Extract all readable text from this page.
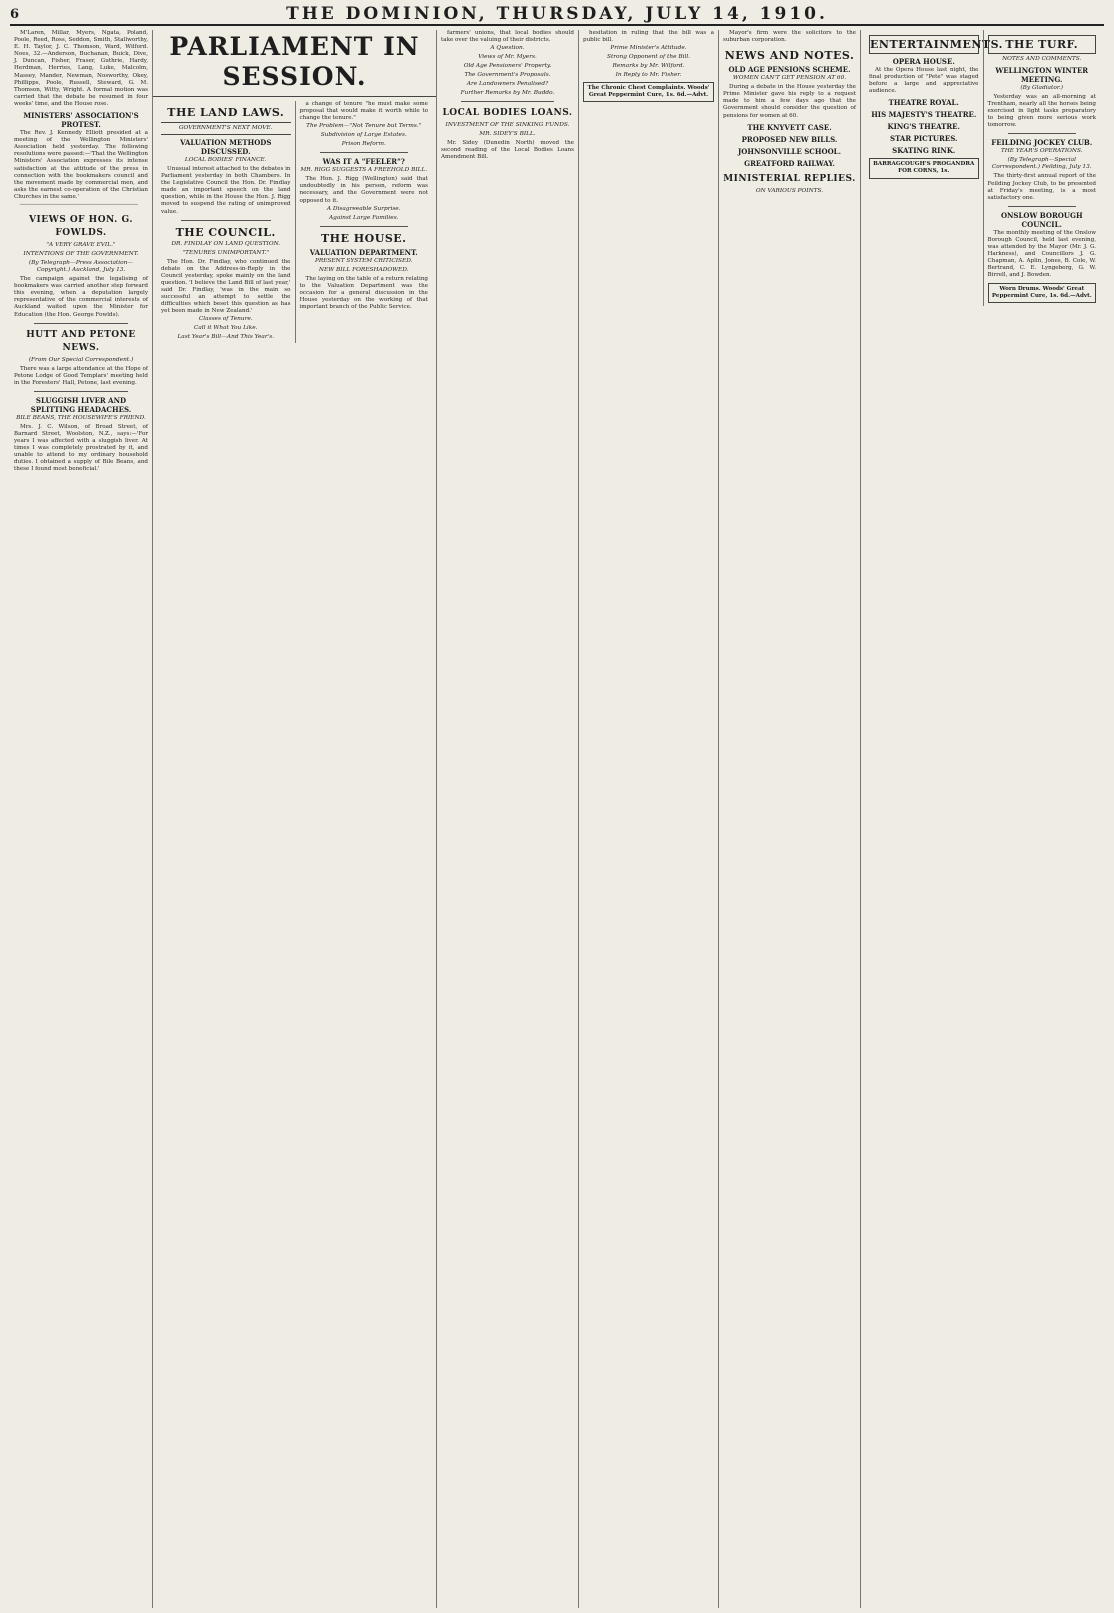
6	THE DOMINION, THURSDAY, JULY 14, 1910.

M'Laren, Millar, Myers, Ngata, Poland, Poole, Reed, Ross, Seddon, Smith, Stallworthy, E. H. Taylor, J. C. Thomson, Ward, Wilford. Noes, 32.—Anderson, Buchanan, Buick, Dive, J. Duncan, Fisher, Fraser, Guthrie, Hardy, Herdman, Herries, Lang, Luke, Malcolm, Massey, Mander, Newman, Nosworthy, Okey, Phillipps, Poole, Russell, Steward, G. M. Thomson, Witty, Wright. A formal motion was carried that the debate be resumed in four weeks' time, and the House rose.

MINISTERS' ASSOCIATION'S PROTEST.

The Rev. J. Kennedy Elliott presided at a meeting of the Wellington Ministers' Association held yesterday. The following resolutions were passed:—'That the Wellington Ministers' Association expresses its intense satisfaction at the attitude of the press in connection with the bookmakers council and the movement made by commercial men, and asks the earnest co-operation of the Christian Churches in the same.'

───────────────────────────────────

VIEWS OF HON. G. FOWLDS.
"A VERY GRAVE EVIL."
INTENTIONS OF THE GOVERNMENT.
(By Telegraph—Press Association—Copyright.) Auckland, July 13.

The campaign against the legalising of bookmakers was carried another step forward this evening, when a deputation largely representative of the commercial interests of Auckland waited upon the Minister for Education (the Hon. George Fowlds).

HUTT AND PETONE NEWS.
(From Our Special Correspondent.)

There was a large attendance at the Hope of Petone Lodge of Good Templars' meeting held in the Foresters' Hall, Petone, last evening.

SLUGGISH LIVER AND SPLITTING HEADACHES.
BILE BEANS, THE HOUSEWIFE'S FRIEND.

Mrs. J. C. Wilson, of Broad Street, of Barnard Street, Woolston, N.Z., says:—'For years I was affected with a sluggish liver. At times I was completely prostrated by it, and unable to attend to my ordinary household duties. I obtained a supply of Bile Beans, and these I found most beneficial.'

PARLIAMENT IN SESSION.
THE LAND LAWS.
GOVERNMENT'S NEXT MOVE.
VALUATION METHODS DISCUSSED.
LOCAL BODIES' FINANCE.

Unusual interest attached to the debates in Parliament yesterday in both Chambers. In the Legislative Council the Hon. Dr. Findlay made an important speech on the land question, while in the House the Hon. J. Rigg moved to suspend the rating of unimproved value.

THE COUNCIL.
DR. FINDLAY ON LAND QUESTION.
"TENURES UNIMPORTANT."

The Hon. Dr. Findlay, who continued the debate on the Address-in-Reply in the Council yesterday, spoke mainly on the land question. 'I believe the Land Bill of last year,' said Dr. Findlay, 'was in the main so successful an attempt to settle the difficulties which beset this question as has yet been made in New Zealand.'

Classes of Tenure.
Call it What You Like.
Last Year's Bill—And This Year's.

a change of tenure "he must make some proposal that would make it worth while to change the tenure."

The Problem—"Not Tenure but Terms."
Subdivision of Large Estates.
Prison Reform.
WAS IT A "FEELER"?
MR. RIGG SUGGESTS A FREEHOLD BILL.

The Hon. J. Rigg (Wellington) said that undoubtedly in his person, reform was necessary, and the Government were not opposed to it.

A Disagreeable Surprise.
Against Large Families.
THE HOUSE.
VALUATION DEPARTMENT.
PRESENT SYSTEM CRITICISED.
NEW BILL FORESHADOWED.

The laying on the table of a return relating to the Valuation Department was the occasion for a general discussion in the House yesterday on the working of that important branch of the Public Service.

farmers' unions, that local bodies should take over the valuing of their districts.

A Question.
Views of Mr. Myers.
Old Age Pensioners' Property.
The Government's Proposals.
Are Landowners Penalised?
Further Remarks by Mr. Buddo.
LOCAL BODIES LOANS.
INVESTMENT OF THE SINKING FUNDS.
MR. SIDEY'S BILL.

Mr. Sidey (Dunedin North) moved the second reading of the Local Bodies Loans Amendment Bill.

hesitation in ruling that the bill was a public bill.

Prime Minister's Attitude.
Strong Opponent of the Bill.
Remarks by Mr. Wilford.
In Reply to Mr. Fisher.
The Chronic Chest Complaints. Woods' Great Peppermint Cure, 1s. 6d.—Advt.

Mayor's firm were the solicitors to the suburban corporation.

NEWS AND NOTES.
OLD AGE PENSIONS SCHEME.
WOMEN CAN'T GET PENSION AT 60.

During a debate in the House yesterday the Prime Minister gave his reply to a request made to him a few days ago that the Government should consider the question of pensions for women at 60.

THE KNYVETT CASE.
PROPOSED NEW BILLS.
JOHNSONVILLE SCHOOL.
GREATFORD RAILWAY.
MINISTERIAL REPLIES.
ON VARIOUS POINTS.
ENTERTAINMENTS.
OPERA HOUSE.

At the Opera House last night, the final production of "Pete" was staged before a large and appreciative audience.

THEATRE ROYAL.
HIS MAJESTY'S THEATRE.
KING'S THEATRE.
STAR PICTURES.
SKATING RINK.
BARRAGCOUGH'S PROGANDRA FOR CORNS, 1s.
THE TURF.
NOTES AND COMMENTS.
WELLINGTON WINTER MEETING.
(By Gladiator.)

Yesterday was an all-morning at Trentham, nearly all the horses being exercised in light tasks preparatory to being given more serious work tomorrow.

FEILDING JOCKEY CLUB.
THE YEAR'S OPERATIONS.
(By Telegraph—Special Correspondent.) Feilding, July 13.

The thirty-first annual report of the Feilding Jockey Club, to be presented at Friday's meeting, is a most satisfactory one.

ONSLOW BOROUGH COUNCIL.

The monthly meeting of the Onslow Borough Council, held last evening, was attended by the Mayor (Mr. J. G. Harkness), and Councillors J. G. Chapman, A. Aplin, Jones, B. Cole, W. Bertrand, C. E. Lyngeberg, G. W. Birrell, and J. Bowden.

Worn Drums. Woods' Great Peppermint Cure, 1s. 6d.—Advt.
